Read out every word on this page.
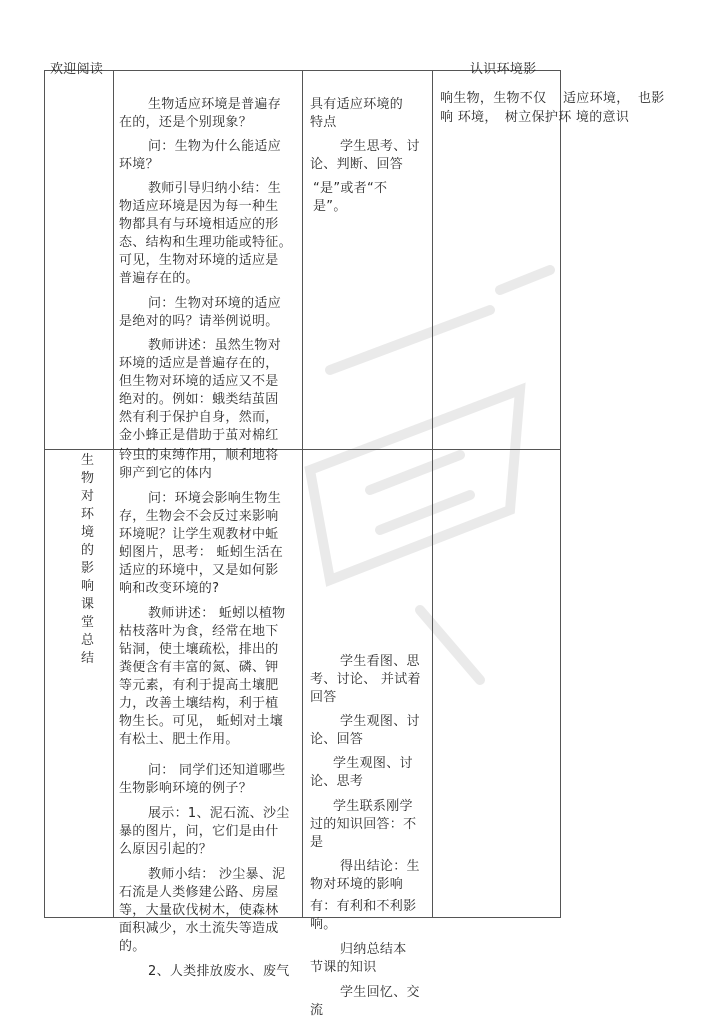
欢迎阅读	认识环境影
响生物，生物不仅 适应环境， 也影
响 环境， 树立保护环 境的意识
生
物
对
环
境
的
影
响
课
堂
总
结
生物适应环境是普遍存
在的，还是个别现象？
问：生物为什么能适应
环境？
教师引导归纳小结：生
物适应环境是因为每一种生
物都具有与环境相适应的形
态、结构和生理功能或特征。
可见，生物对环境的适应是
普遍存在的。
问：生物对环境的适应
是绝对的吗？请举例说明。
教师讲述：虽然生物对
环境的适应是普遍存在的，
但生物对环境的适应又不是
绝对的。例如：蛾类结茧固
然有利于保护自身，然而，
金小蜂正是借助于茧对棉红
铃虫的束缚作用，顺利地将
卵产到它的体内
问：环境会影响生物生
存，生物会不会反过来影响
环境呢？让学生观教材中蚯
蚓图片，思考： 蚯蚓生活在
适应的环境中，又是如何影
响和改变环境的?
教师讲述： 蚯蚓以植物
枯枝落叶为食，经常在地下
钻洞，使土壤疏松，排出的
粪便含有丰富的氮、磷、钾
等元素，有利于提高土壤肥
力，改善土壤结构，利于植
物生长。可见， 蚯蚓对土壤
有松土、肥土作用。
问： 同学们还知道哪些
生物影响环境的例子？
展示：1、泥石流、沙尘
暴的图片，问，它们是由什
么原因引起的？
教师小结： 沙尘暴、泥
石流是人类修建公路、房屋
等，大量砍伐树木，使森林
面积减少，水土流失等造成
的。
2、人类排放废水、废气
具有适应环境的
特点
学生思考、讨
论、判断、回答
“是”或者“不
是”。
学生看图、思
考、讨论、 并试着
回答
学生观图、讨
论、回答
学生观图、讨
论、思考
学生联系刚学
过的知识回答：不
是
得出结论：生
物对环境的影响
有：有利和不利影
响。
归纳总结本
节课的知识
学生回忆、交
流
